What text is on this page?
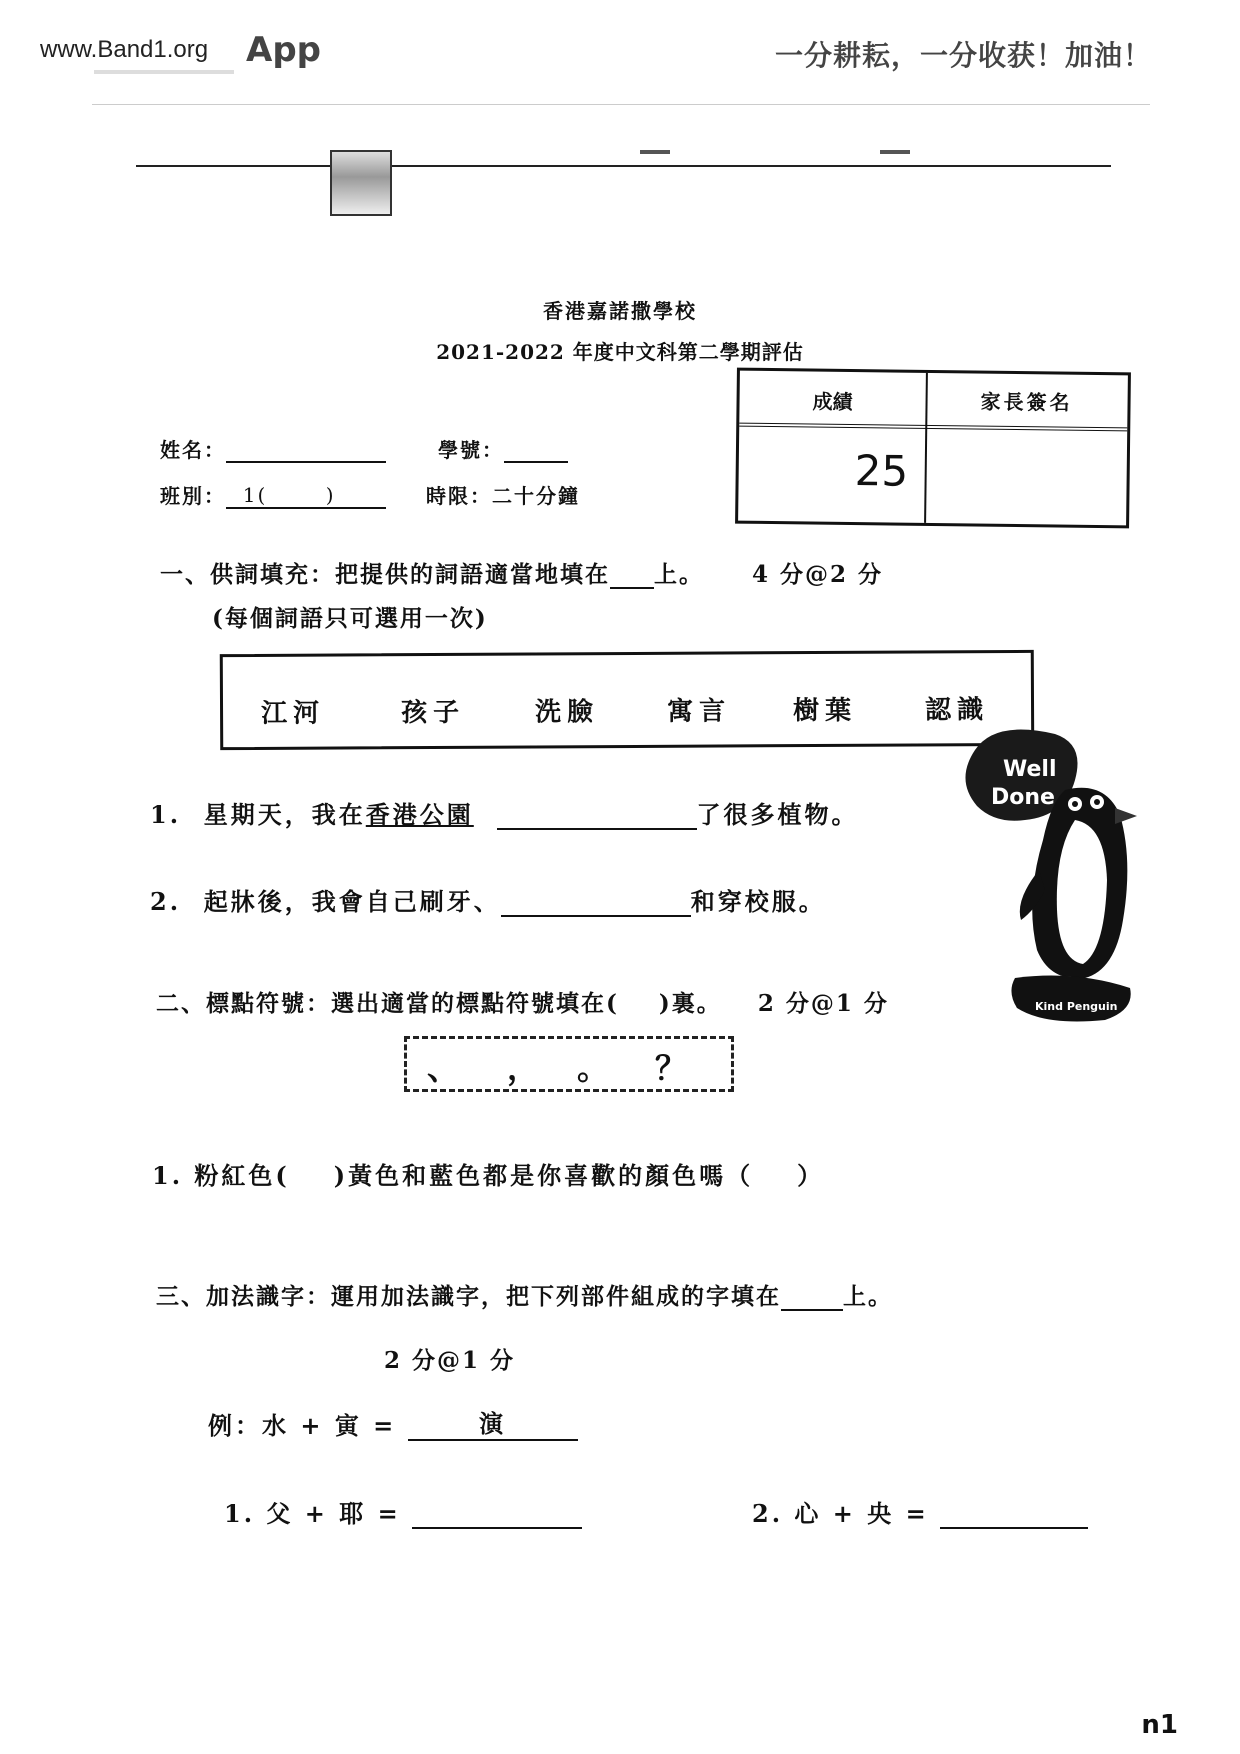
www.Band1.org App	一分耕耘，一分收获！加油！
香港嘉諾撒學校
2021-2022 年度中文科第二學期評估
成績	家長簽名
25
姓名：	學號：
班別： 1(	)	時限：二十分鐘
一、供詞填充：把提供的詞語適當地填在 上。 4 分@2 分
(每個詞語只可選用一次)
江河	孩子	洗臉	寓言 樹葉	認識
1. 星期天，我在香港公園	了很多植物。
2. 起牀後，我會自己刷牙、	和穿校服。
Well
Done
Kind Penguin
二、標點符號：選出適當的標點符號填在( )裏。 2 分@1 分
、 ， 。 ？
1. 粉紅色( )黃色和藍色都是你喜歡的顏色嗎（ ）
三、加法識字：運用加法識字，把下列部件組成的字填在	上。
2 分@1 分
例：水 + 寅 =	演
1. 父 + 耶 =	2. 心 + 央 =
n1
